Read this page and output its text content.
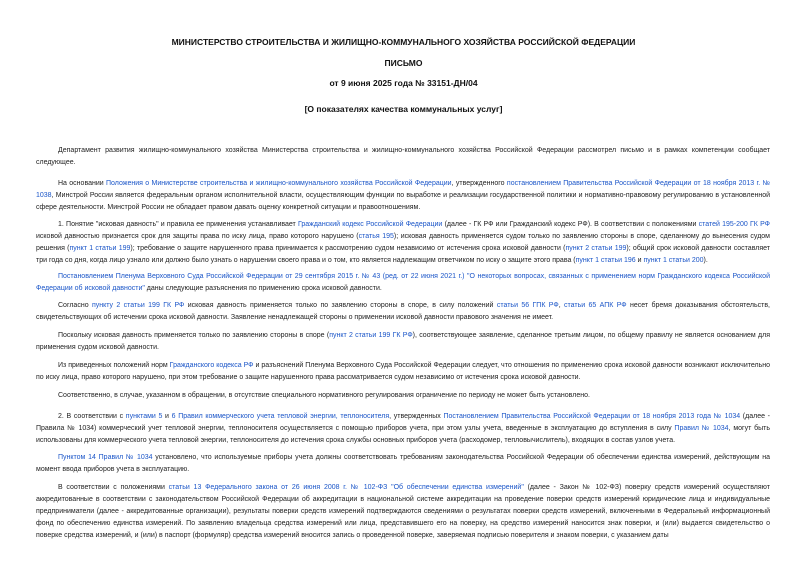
МИНИСТЕРСТВО СТРОИТЕЛЬСТВА И ЖИЛИЩНО-КОММУНАЛЬНОГО ХОЗЯЙСТВА РОССИЙСКОЙ ФЕДЕРАЦИИ
ПИСЬМО
от 9 июня 2025 года № 33151-ДН/04
[О показателях качества коммунальных услуг]
Департамент развития жилищно-коммунального хозяйства Министерства строительства и жилищно-коммунального хозяйства Российской Федерации рассмотрел письмо и в рамках компетенции сообщает следующее.
На основании Положения о Министерстве строительства и жилищно-коммунального хозяйства Российской Федерации, утвержденного постановлением Правительства Российской Федерации от 18 ноября 2013 г. № 1038, Минстрой России является федеральным органом исполнительной власти, осуществляющим функции по выработке и реализации государственной политики и нормативно-правовому регулированию в установленной сфере деятельности. Минстрой России не обладает правом давать оценку конкретной ситуации и правоотношениям.
1. Понятие "исковая давность" и правила ее применения устанавливает Гражданский кодекс Российской Федерации (далее - ГК РФ или Гражданский кодекс РФ). В соответствии с положениями статей 195-200 ГК РФ исковой давностью признается срок для защиты права по иску лица, право которого нарушено (статья 195); исковая давность применяется судом только по заявлению стороны в споре, сделанному до вынесения судом решения (пункт 1 статьи 199); требование о защите нарушенного права принимается к рассмотрению судом независимо от истечения срока исковой давности (пункт 2 статьи 199); общий срок исковой давности составляет три года со дня, когда лицо узнало или должно было узнать о нарушении своего права и о том, кто является надлежащим ответчиком по иску о защите этого права (пункт 1 статьи 196 и пункт 1 статьи 200).
Постановлением Пленума Верховного Суда Российской Федерации от 29 сентября 2015 г. № 43 (ред. от 22 июня 2021 г.) "О некоторых вопросах, связанных с применением норм Гражданского кодекса Российской Федерации об исковой давности" даны следующие разъяснения по применению срока исковой давности.
Согласно пункту 2 статьи 199 ГК РФ исковая давность применяется только по заявлению стороны в споре, в силу положений статьи 56 ГПК РФ, статьи 65 АПК РФ несет бремя доказывания обстоятельств, свидетельствующих об истечении срока исковой давности. Заявление ненадлежащей стороны о применении исковой давности правового значения не имеет.
Поскольку исковая давность применяется только по заявлению стороны в споре (пункт 2 статьи 199 ГК РФ), соответствующее заявление, сделанное третьим лицом, по общему правилу не является основанием для применения судом исковой давности.
Из приведенных положений норм Гражданского кодекса РФ и разъяснений Пленума Верховного Суда Российской Федерации следует, что отношения по применению срока исковой давности возникают исключительно по иску лица, право которого нарушено, при этом требование о защите нарушенного права рассматривается судом независимо от истечения срока исковой давности.
Соответственно, в случае, указанном в обращении, в отсутствие специального нормативного регулирования ограничение по периоду не может быть установлено.
2. В соответствии с пунктами 5 и 6 Правил коммерческого учета тепловой энергии, теплоносителя, утвержденных Постановлением Правительства Российской Федерации от 18 ноября 2013 года № 1034 (далее - Правила № 1034) коммерческий учет тепловой энергии, теплоносителя осуществляется с помощью приборов учета, при этом узлы учета, введенные в эксплуатацию до вступления в силу Правил № 1034, могут быть использованы для коммерческого учета тепловой энергии, теплоносителя до истечения срока службы основных приборов учета (расходомер, тепловычислитель), входящих в состав узлов учета.
Пунктом 14 Правил № 1034 установлено, что используемые приборы учета должны соответствовать требованиям законодательства Российской Федерации об обеспечении единства измерений, действующим на момент ввода приборов учета в эксплуатацию.
В соответствии с положениями статьи 13 Федерального закона от 26 июня 2008 г. № 102-ФЗ "Об обеспечении единства измерений" (далее - Закон № 102-ФЗ) поверку средств измерений осуществляют аккредитованные в соответствии с законодательством Российской Федерации об аккредитации в национальной системе аккредитации на проведение поверки средств измерений юридические лица и индивидуальные предприниматели (далее - аккредитованные организации), результаты поверки средств измерений подтверждаются сведениями о результатах поверки средств измерений, включенными в Федеральный информационный фонд по обеспечению единства измерений. По заявлению владельца средства измерений или лица, представившего его на поверку, на средство измерений наносится знак поверки, и (или) выдается свидетельство о поверке средства измерений, и (или) в паспорт (формуляр) средства измерений вносится запись о проведенной поверке, заверяемая подписью поверителя и знаком поверки, с указанием даты
